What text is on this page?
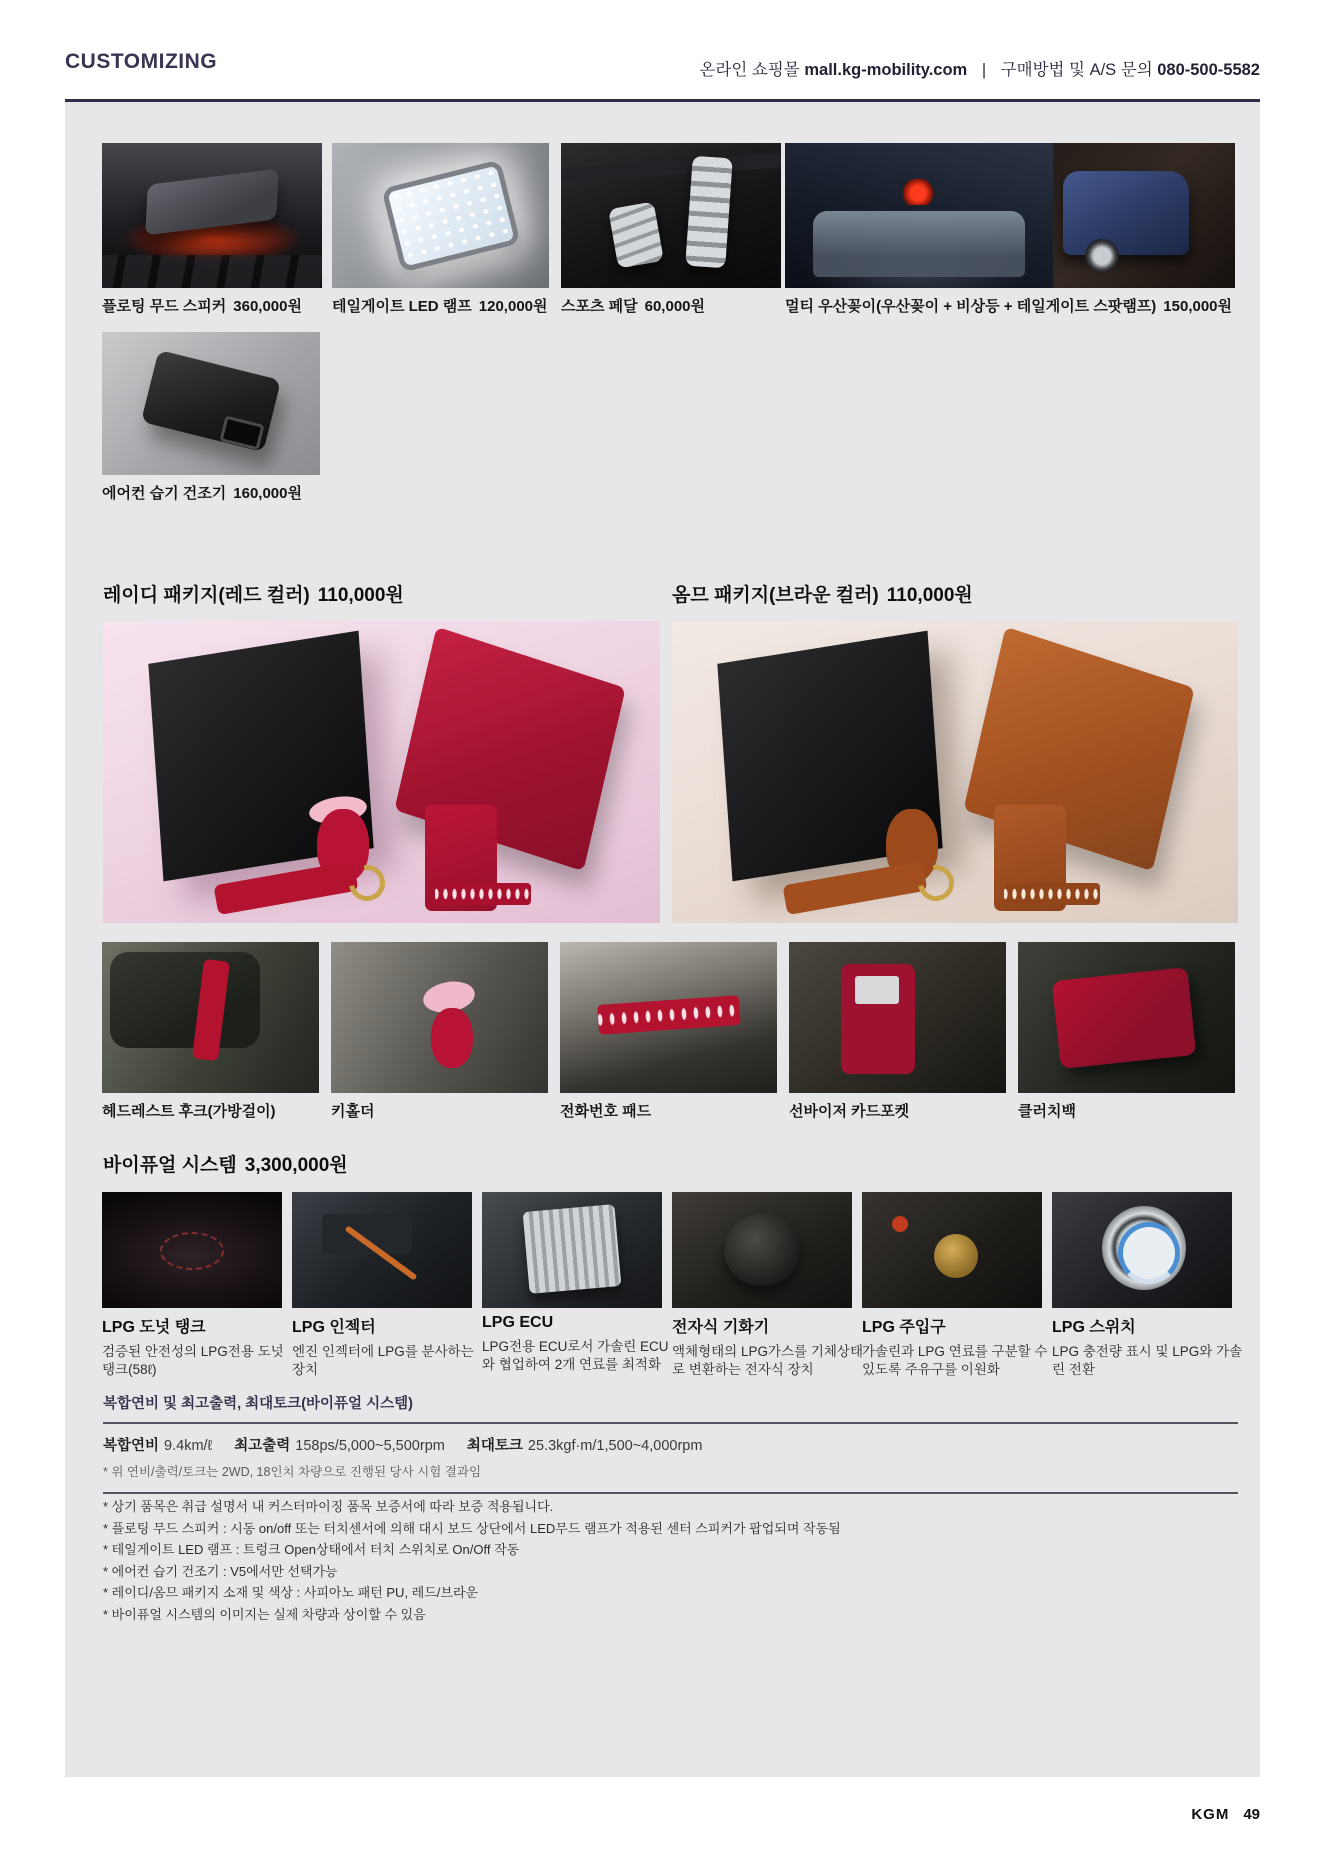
CUSTOMIZING	온라인 쇼핑몰 mall.kg-mobility.com | 구매방법 및 A/S 문의 080-500-5582
플로팅 무드 스피커 360,000원 테일게이트 LED 램프 120,000원 스포츠 페달 60,000원	멀티 우산꽂이(우산꽂이 + 비상등 + 테일게이트 스팟램프) 150,000원
에어컨 습기 건조기 160,000원
레이디 패키지(레드 컬러) 110,000원	옴므 패키지(브라운 컬러) 110,000원
헤드레스트 후크(가방걸이)	키홀더	전화번호 패드	선바이저 카드포켓	클러치백
바이퓨얼 시스템 3,300,000원
LPG 도넛 탱크
검증된 안전성의 LPG전용 도넛 탱크(58ℓ)
LPG 인젝터
엔진 인젝터에 LPG를 분사하는 장치
LPG ECU
LPG전용 ECU로서 가솔린 ECU와 협업하여 2개 연료를 최적화
전자식 기화기
액체형태의 LPG가스를 기체상태로 변환하는 전자식 장치
LPG 주입구
가솔린과 LPG 연료를 구분할 수 있도록 주유구를 이원화
LPG 스위치
LPG 충전량 표시 및 LPG와 가솔린 전환
복합연비 및 최고출력, 최대토크(바이퓨얼 시스템)
복합연비 9.4km/ℓ 최고출력 158ps/5,000~5,500rpm 최대토크 25.3kgf·m/1,500~4,000rpm
* 위 연비/출력/토크는 2WD, 18인치 차량으로 진행된 당사 시험 결과임
* 상기 품목은 취급 설명서 내 커스터마이징 품목 보증서에 따라 보증 적용됩니다.
* 플로팅 무드 스피커 : 시동 on/off 또는 터치센서에 의해 대시 보드 상단에서 LED무드 램프가 적용된 센터 스피커가 팝업되며 작동됨
* 테일게이트 LED 램프 : 트렁크 Open상태에서 터치 스위치로 On/Off 작동
* 에어컨 습기 건조기 : V5에서만 선택가능
* 레이디/옴므 패키지 소재 및 색상 : 사피아노 패턴 PU, 레드/브라운
* 바이퓨얼 시스템의 이미지는 실제 차량과 상이할 수 있음
KGM 49
